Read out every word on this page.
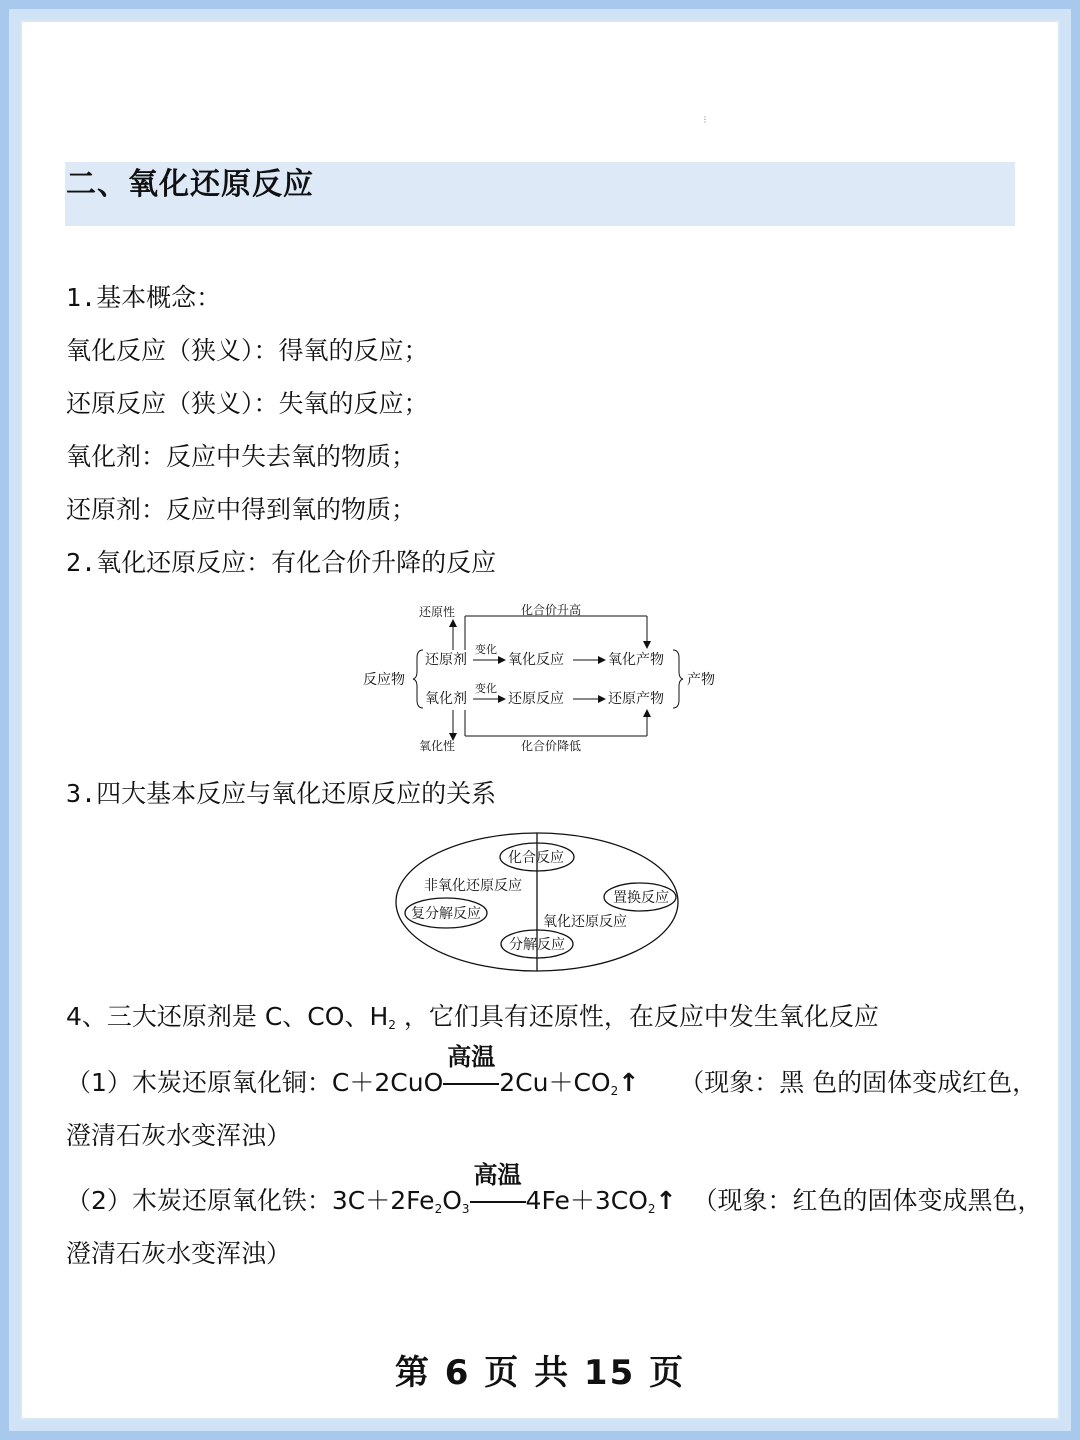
⋮
二、氧化还原反应
1.基本概念：
氧化反应（狭义）：得氧的反应；
还原反应（狭义）：失氧的反应；
氧化剂：反应中失去氧的物质；
还原剂：反应中得到氧的物质；
2.氧化还原反应：有化合价升降的反应
还原性	化合价升高
氧化性	化合价降低
变化
变化
反应物
还原剂
氧化剂
氧化反应
还原反应
氧化产物
还原产物
产物
3.四大基本反应与氧化还原反应的关系
化合反应
非氧化还原反应
复分解反应
置换反应
氧化还原反应
分解反应
4、三大还原剂是 C、CO、$H_2$ ，它们具有还原性，在反应中发生氧化反应
（1）木炭还原氧化铜：C＋2CuO
高温
$2Cu+CO_2↑$ （现象：黑 色的固体变成红色，
澄清石灰水变浑浊）
（2）木炭还原氧化铁：$3C+2Fe_2O_3$
高温
$4Fe+3CO_2↑$ （现象：红色的固体变成黑色，
澄清石灰水变浑浊）
第 6 页 共 15 页
